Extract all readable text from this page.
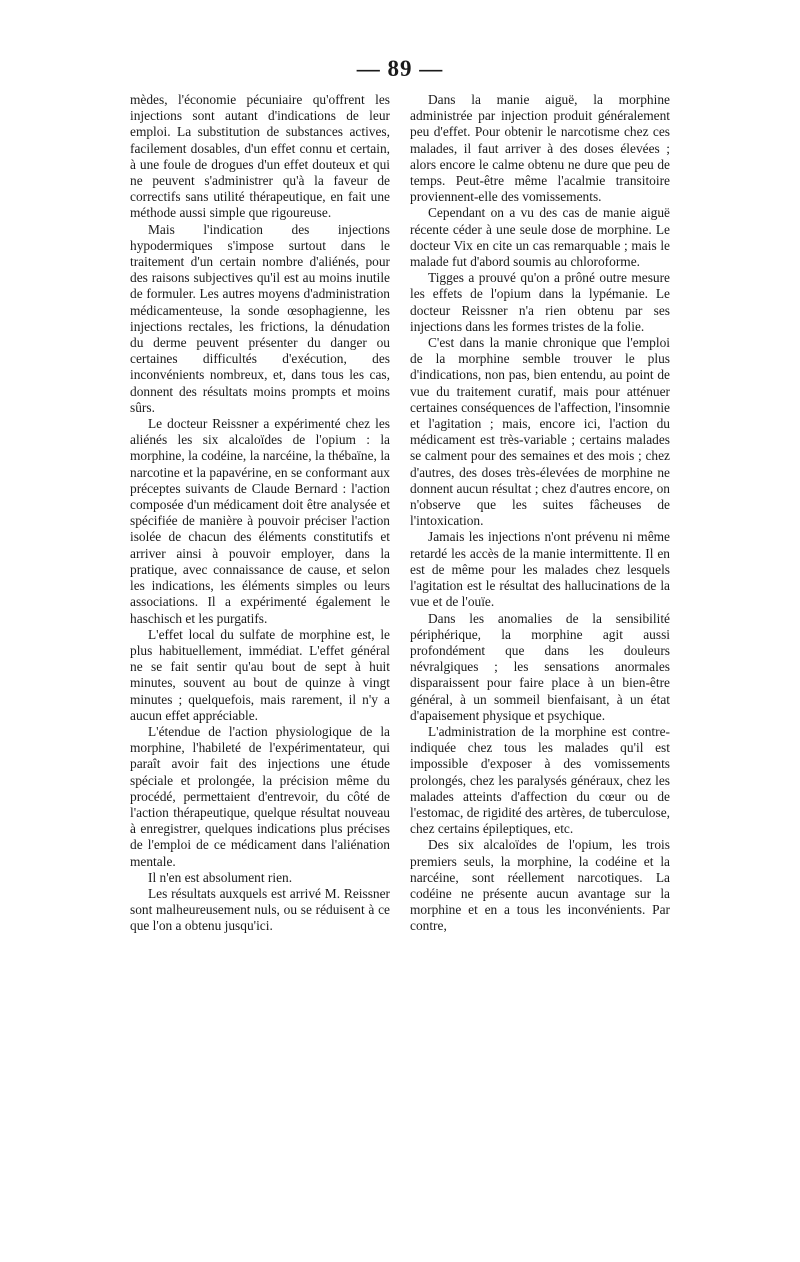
— 89 —

mèdes, l'économie pécuniaire qu'offrent les injections sont autant d'indications de leur emploi. La substitution de substances actives, facilement dosables, d'un effet connu et certain, à une foule de drogues d'un effet douteux et qui ne peuvent s'administrer qu'à la faveur de correctifs sans utilité thérapeutique, en fait une méthode aussi simple que rigoureuse.

Mais l'indication des injections hypodermiques s'impose surtout dans le traitement d'un certain nombre d'aliénés, pour des raisons subjectives qu'il est au moins inutile de formuler. Les autres moyens d'administration médicamenteuse, la sonde œsophagienne, les injections rectales, les frictions, la dénudation du derme peuvent présenter du danger ou certaines difficultés d'exécution, des inconvénients nombreux, et, dans tous les cas, donnent des résultats moins prompts et moins sûrs.

Le docteur Reissner a expérimenté chez les aliénés les six alcaloïdes de l'opium : la morphine, la codéine, la narcéine, la thébaïne, la narcotine et la papavérine, en se conformant aux préceptes suivants de Claude Bernard : l'action composée d'un médicament doit être analysée et spécifiée de manière à pouvoir préciser l'action isolée de chacun des éléments constitutifs et arriver ainsi à pouvoir employer, dans la pratique, avec connaissance de cause, et selon les indications, les éléments simples ou leurs associations. Il a expérimenté également le haschisch et les purgatifs.

L'effet local du sulfate de morphine est, le plus habituellement, immédiat. L'effet général ne se fait sentir qu'au bout de sept à huit minutes, souvent au bout de quinze à vingt minutes ; quelquefois, mais rarement, il n'y a aucun effet appréciable.

L'étendue de l'action physiologique de la morphine, l'habileté de l'expérimentateur, qui paraît avoir fait des injections une étude spéciale et prolongée, la précision même du procédé, permettaient d'entrevoir, du côté de l'action thérapeutique, quelque résultat nouveau à enregistrer, quelques indications plus précises de l'emploi de ce médicament dans l'aliénation mentale.

Il n'en est absolument rien.

Les résultats auxquels est arrivé M. Reissner sont malheureusement nuls, ou se réduisent à ce que l'on a obtenu jusqu'ici.

Dans la manie aiguë, la morphine administrée par injection produit généralement peu d'effet. Pour obtenir le narcotisme chez ces malades, il faut arriver à des doses élevées ; alors encore le calme obtenu ne dure que peu de temps. Peut-être même l'acalmie transitoire proviennent-elle des vomissements.

Cependant on a vu des cas de manie aiguë récente céder à une seule dose de morphine. Le docteur Vix en cite un cas remarquable ; mais le malade fut d'abord soumis au chloroforme.

Tigges a prouvé qu'on a prôné outre mesure les effets de l'opium dans la lypémanie. Le docteur Reissner n'a rien obtenu par ses injections dans les formes tristes de la folie.

C'est dans la manie chronique que l'emploi de la morphine semble trouver le plus d'indications, non pas, bien entendu, au point de vue du traitement curatif, mais pour atténuer certaines conséquences de l'affection, l'insomnie et l'agitation ; mais, encore ici, l'action du médicament est très-variable ; certains malades se calment pour des semaines et des mois ; chez d'autres, des doses très-élevées de morphine ne donnent aucun résultat ; chez d'autres encore, on n'observe que les suites fâcheuses de l'intoxication.

Jamais les injections n'ont prévenu ni même retardé les accès de la manie intermittente. Il en est de même pour les malades chez lesquels l'agitation est le résultat des hallucinations de la vue et de l'ouïe.

Dans les anomalies de la sensibilité périphérique, la morphine agit aussi profondément que dans les douleurs névralgiques ; les sensations anormales disparaissent pour faire place à un bien-être général, à un sommeil bienfaisant, à un état d'apaisement physique et psychique.

L'administration de la morphine est contre-indiquée chez tous les malades qu'il est impossible d'exposer à des vomissements prolongés, chez les paralysés généraux, chez les malades atteints d'affection du cœur ou de l'estomac, de rigidité des artères, de tuberculose, chez certains épileptiques, etc.

Des six alcaloïdes de l'opium, les trois premiers seuls, la morphine, la codéine et la narcéine, sont réellement narcotiques. La codéine ne présente aucun avantage sur la morphine et en a tous les inconvénients. Par contre,
